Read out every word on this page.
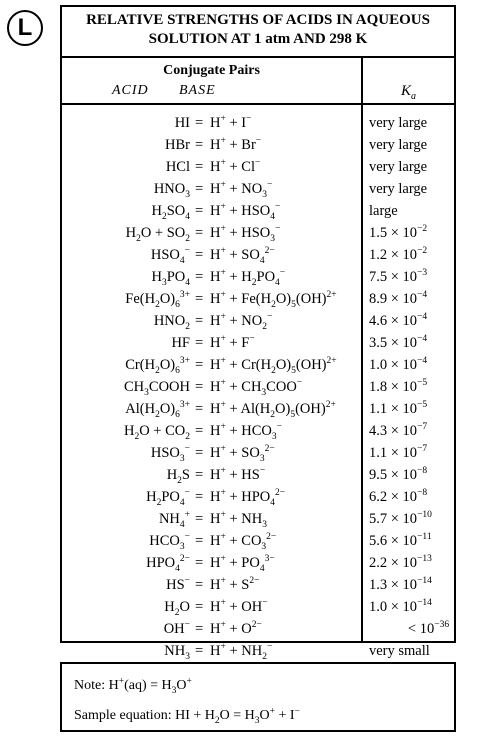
L	RELATIVE STRENGTHS OF ACIDS IN AQUEOUS
SOLUTION AT 1 atm AND 298 K
Conjugate Pairs
ACID BASE	$K_a$
HI = H+ + I−	very large
HBr = H+ + Br−	very large
HCl = H+ + Cl−	very large
$HNO_3 = H^+ + NO_3^-$	very large
$H_2SO_4 = H^+ + HSO_4^-$	large
$H_2O + SO_2 = H^+ + HSO_3^-$	$1.5 \times 10^{-2}$
$HSO_4^- = H^+ + SO_4^{2-}$	$1.2 \times 10^{-2}$
$H_3PO_4 = H^+ + H_2PO_4^-$	$7.5 \times 10^{-3}$
$Fe(H_2O)_6^{3+} = H^+ + Fe(H_2O)_5(OH)^{2+}$ $8.9 \times 10^{-4}$
$HNO_2 = H^+ + NO_2^-$	$4.6 \times 10^{-4}$
HF = H+ + F−	$3.5 \times 10^{-4}$
$Cr(H_2O)_6^{3+} = H^+ + Cr(H_2O)_5(OH)^{2+}$ $1.0 \times 10^{-4}$
$CH_3COOH = H^+ + CH_3COO^-$	$1.8 \times 10^{-5}$
$Al(H_2O)_6^{3+} = H^+ + Al(H_2O)_5(OH)^{2+}$ $1.1 \times 10^{-5}$
$H_2O + CO_2 = H^+ + HCO_3^-$	$4.3 \times 10^{-7}$
$HSO_3^- = H^+ + SO_3^{2-}$	$1.1 \times 10^{-7}$
$H_2S = H^+ + HS^-$	$9.5 \times 10^{-8}$
$H_2PO_4^- = H^+ + HPO_4^{2-}$	$6.2 \times 10^{-8}$
$NH_4^+ = H^+ + NH_3$	$5.7 \times 10^{-10}$
$HCO_3^- = H^+ + CO_3^{2-}$	$5.6 \times 10^{-11}$
$HPO_4^{2-} = H^+ + PO_4^{3-}$	$2.2 \times 10^{-13}$
$HS^- = H^+ + S^{2-}$	$1.3 \times 10^{-14}$
$H_2O = H^+ + OH^-$	$1.0 \times 10^{-14}$
$OH^- = H^+ + O^{2-}$	< $10^{-36}$
$NH_3 = H^+ + NH_2^-$	very small
Note: $H^+(aq) = H_3O^+$
Sample equation: HI + $H_2O = H_3O^+ + I^-$
